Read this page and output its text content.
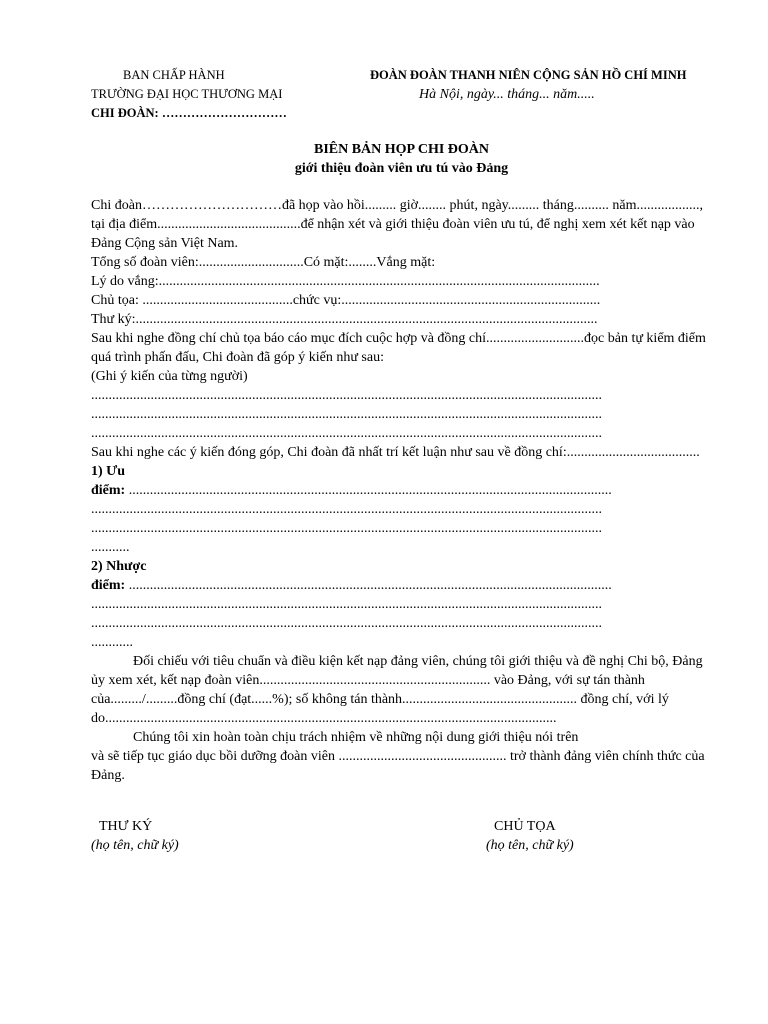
BAN CHẤP HÀNH
TRƯỜNG ĐẠI HỌC THƯƠNG MẠI
CHI ĐOÀN: …………………………
ĐOÀN ĐOÀN THANH NIÊN CỘNG SẢN HỒ CHÍ MINH
Hà Nội, ngày... tháng... năm.....
BIÊN BẢN HỌP CHI ĐOÀN
giới thiệu đoàn viên ưu tú vào Đảng
Chi đoàn…………………………đã họp vào hồi......... giờ........ phút, ngày......... tháng.......... năm.................., tại địa điểm.........................................để nhận xét và giới thiệu đoàn viên ưu tú, để nghị xem xét kết nạp vào Đảng Cộng sản Việt Nam.
Tổng số đoàn viên:..............................Có mặt:........Vắng mặt:
Lý do vắng:..............................................................................................................................
Chủ tọa: ...........................................chức vụ:..........................................................................
Thư ký:....................................................................................................................................
Sau khi nghe đồng chí chủ tọa báo cáo mục đích cuộc hợp và đồng chí............................đọc bản tự kiểm điểm quá trình phấn đấu, Chi đoàn đã góp ý kiến như sau:
(Ghi ý kiến của từng người)
..................................................................................................................................................
..................................................................................................................................................
..................................................................................................................................................
Sau khi nghe các ý kiến đóng góp, Chi đoàn đã nhất trí kết luận như sau về đồng chí:......................................
1) Ưu
điểm: ..........................................................................................................................................
..................................................................................................................................................
..................................................................................................................................................
...........
2) Nhược
điểm: ..........................................................................................................................................
..................................................................................................................................................
..................................................................................................................................................
............
Đối chiếu với tiêu chuẩn và điều kiện kết nạp đảng viên, chúng tôi giới thiệu và đề nghị Chi bộ, Đảng ủy xem xét, kết nạp đoàn viên.................................................................. vào Đảng, với sự tán thành của........./.........đồng chí (đạt......%); số không tán thành.................................................. đồng chí, với lý do.................................................................................................................................
Chúng tôi xin hoàn toàn chịu trách nhiệm về những nội dung giới thiệu nói trên
và sẽ tiếp tục giáo dục bồi dưỡng đoàn viên ................................................ trở thành đảng viên chính thức của Đảng.
THƯ KÝ
(họ tên, chữ ký)
CHỦ TỌA
(họ tên, chữ ký)
